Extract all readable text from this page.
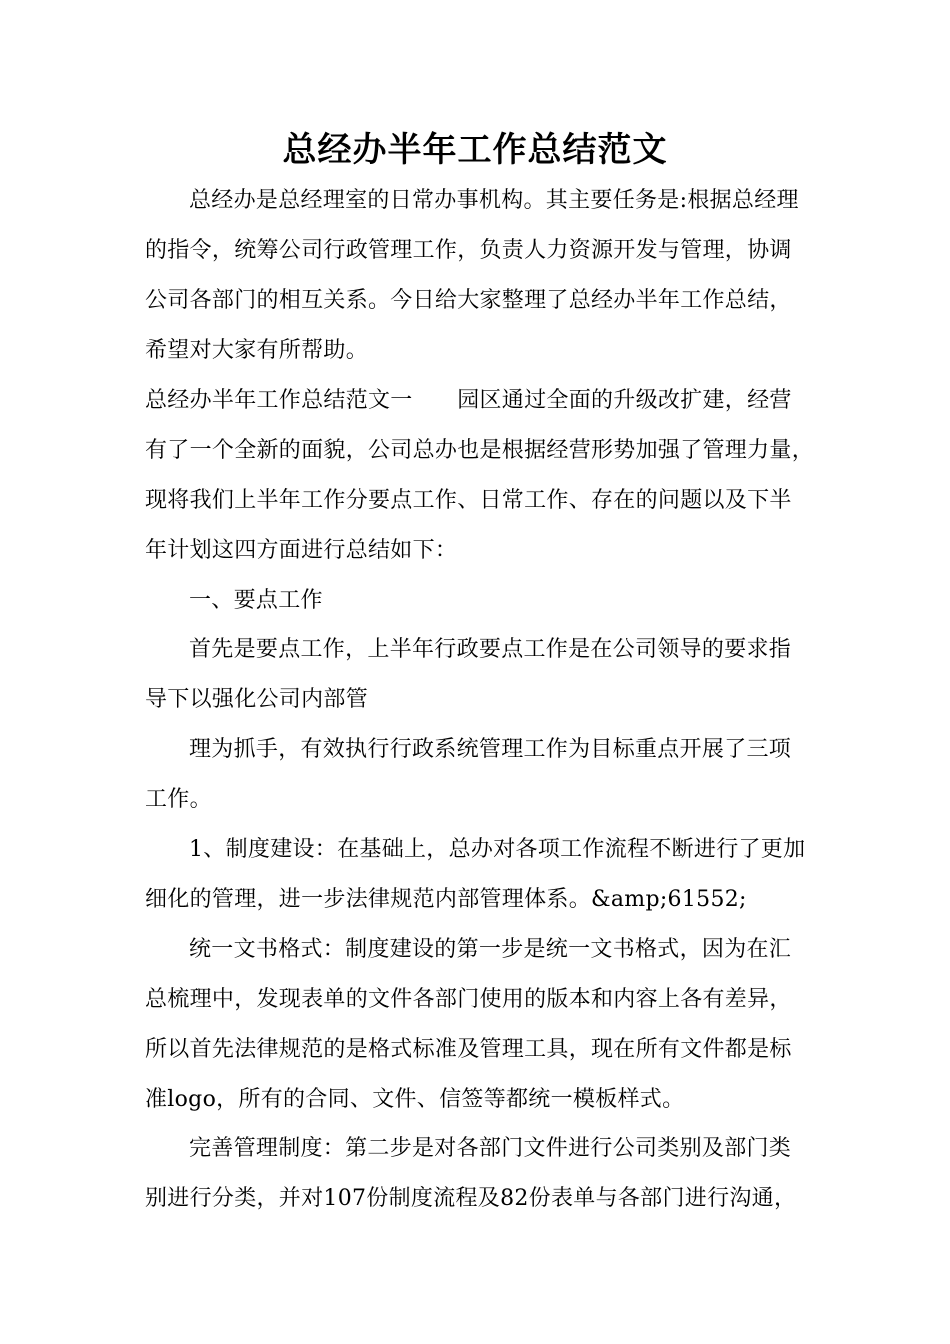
总经办半年工作总结范文
总经办是总经理室的日常办事机构。其主要任务是:根据总经理
的指令，统筹公司行政管理工作，负责人力资源开发与管理，协调
公司各部门的相互关系。今日给大家整理了总经办半年工作总结，
希望对大家有所帮助。
总经办半年工作总结范文一　　园区通过全面的升级改扩建，经营
有了一个全新的面貌，公司总办也是根据经营形势加强了管理力量，
现将我们上半年工作分要点工作、日常工作、存在的问题以及下半
年计划这四方面进行总结如下：
一、要点工作
首先是要点工作，上半年行政要点工作是在公司领导的要求指
导下以强化公司内部管
理为抓手，有效执行行政系统管理工作为目标重点开展了三项
工作。
1、制度建设：在基础上，总办对各项工作流程不断进行了更加
细化的管理，进一步法律规范内部管理体系。&amp;61552;
统一文书格式：制度建设的第一步是统一文书格式，因为在汇
总梳理中，发现表单的文件各部门使用的版本和内容上各有差异，
所以首先法律规范的是格式标准及管理工具，现在所有文件都是标
准logo，所有的合同、文件、信签等都统一模板样式。
完善管理制度：第二步是对各部门文件进行公司类别及部门类
别进行分类，并对107份制度流程及82份表单与各部门进行沟通，
